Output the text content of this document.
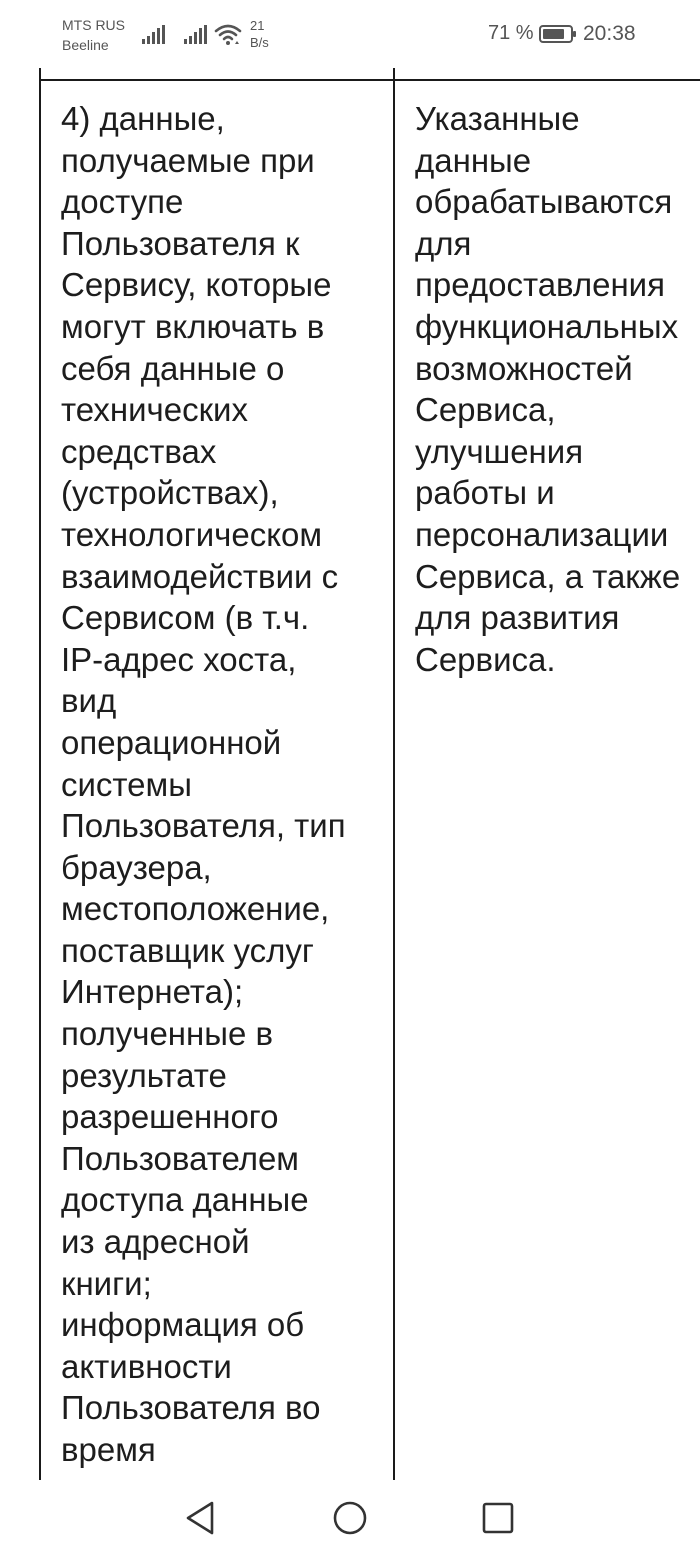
MTS RUS
Beeline
21
B/s	71 % 20:38
4) данные,
получаемые при
доступе
Пользователя к
Сервису, которые
могут включать в
себя данные о
технических
средствах
(устройствах),
технологическом
взаимодействии с
Сервисом (в т.ч.
IP-адрес хоста,
вид
операционной
системы
Пользователя, тип
браузера,
местоположение,
поставщик услуг
Интернета);
полученные в
результате
разрешенного
Пользователем
доступа данные
из адресной
книги;
информация об
активности
Пользователя во
время
Указанные
данные
обрабатываются
для
предоставления
функциональных
возможностей
Сервиса,
улучшения
работы и
персонализации
Сервиса, а также
для развития
Сервиса.
